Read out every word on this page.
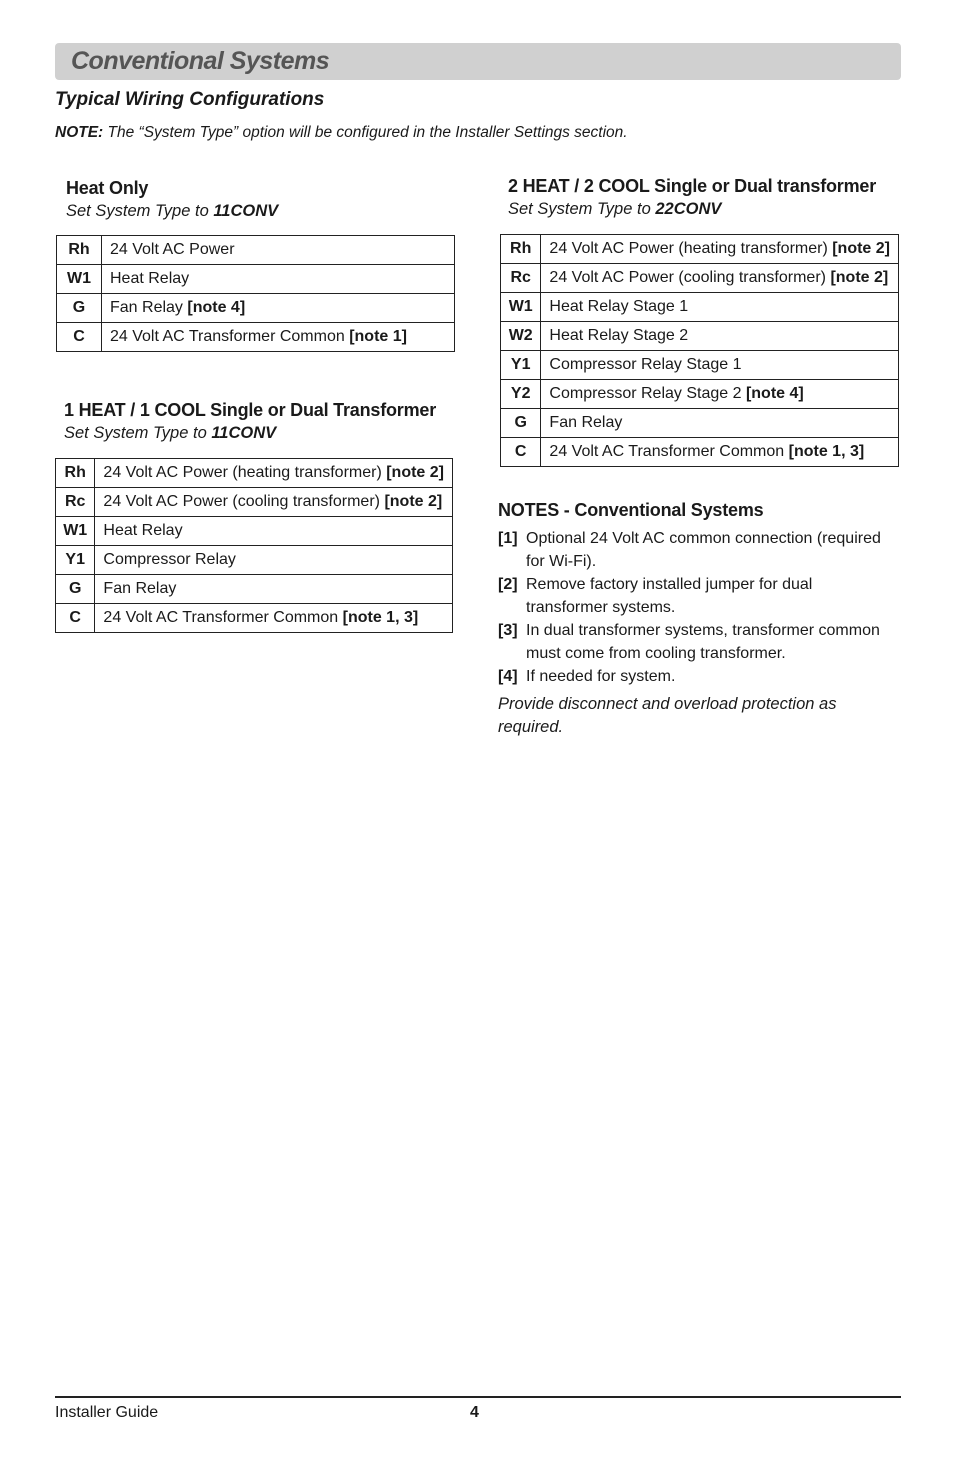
Conventional Systems
Typical Wiring Configurations
NOTE: The “System Type” option will be configured in the Installer Settings section.
Heat Only
Set System Type to 11CONV
Rh	24 Volt AC Power
W1	Heat Relay
G	Fan Relay [note 4]
C	24 Volt AC Transformer Common [note 1]
1 HEAT / 1 COOL Single or Dual Transformer
Set System Type to 11CONV
Rh	24 Volt AC Power (heating transformer) [note 2]
Rc	24 Volt AC Power (cooling transformer) [note 2]
W1	Heat Relay
Y1	Compressor Relay
G	Fan Relay
C	24 Volt AC Transformer Common [note 1, 3]
2 HEAT / 2 COOL Single or Dual transformer
Set System Type to 22CONV
Rh	24 Volt AC Power (heating transformer) [note 2]
Rc	24 Volt AC Power (cooling transformer) [note 2]
W1	Heat Relay Stage 1
W2	Heat Relay Stage 2
Y1	Compressor Relay Stage 1
Y2	Compressor Relay Stage 2 [note 4]
G	Fan Relay
C	24 Volt AC Transformer Common [note 1, 3]
NOTES - Conventional Systems
[1] Optional 24 Volt AC common connection (required for Wi-Fi).
[2] Remove factory installed jumper for dual transformer systems.
[3] In dual transformer systems, transformer common must come from cooling transformer.
[4] If needed for system.
Provide disconnect and overload protection as required.
Installer Guide	4
